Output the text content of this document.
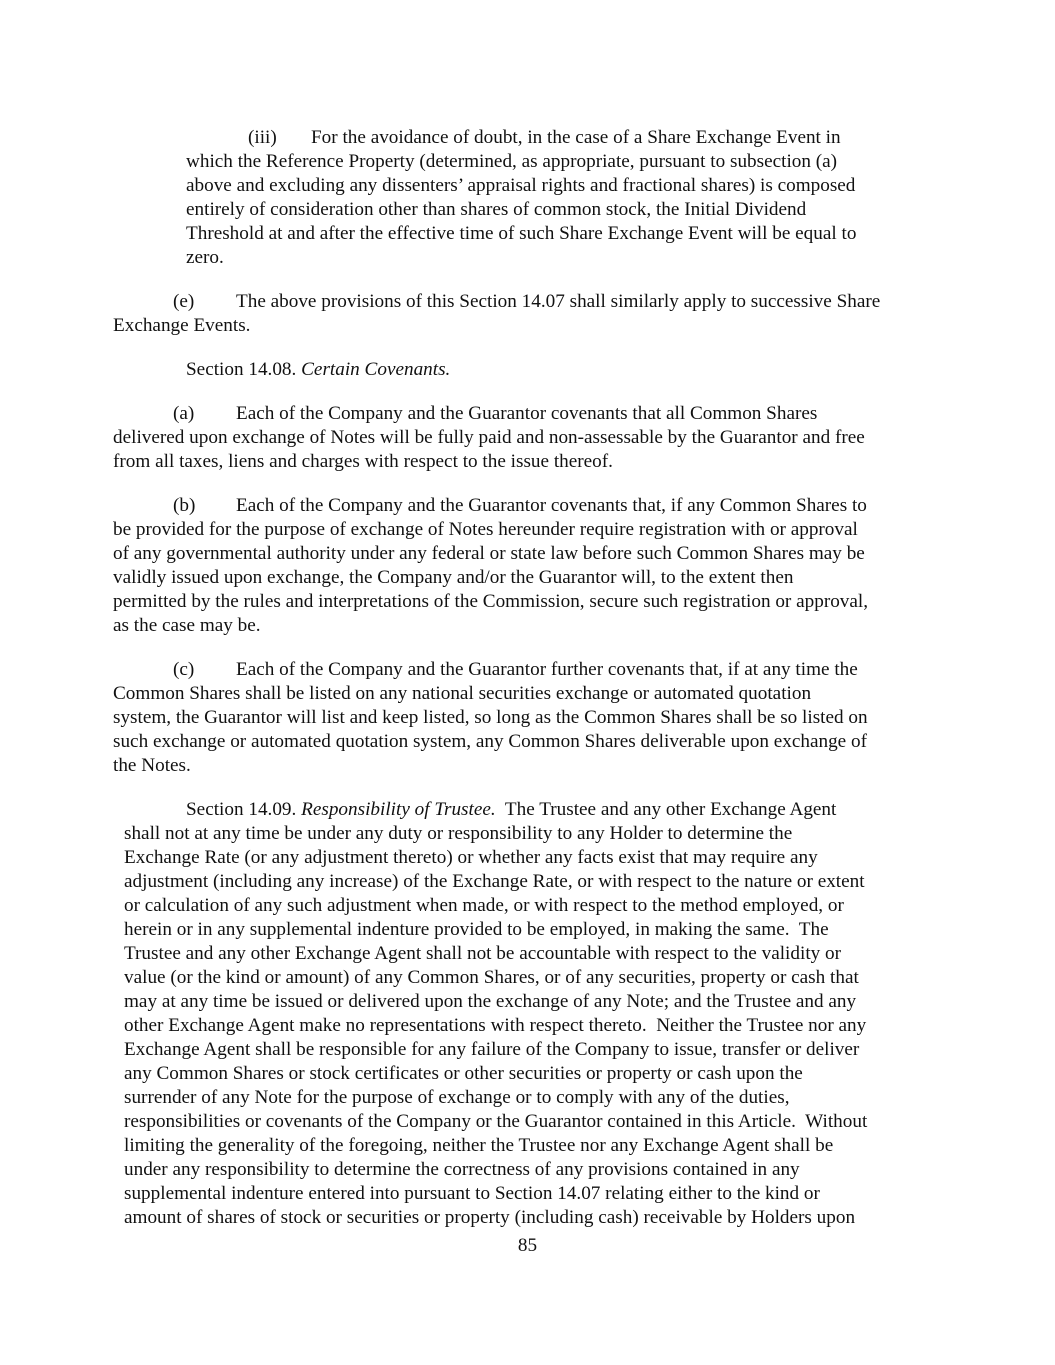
(iii) For the avoidance of doubt, in the case of a Share Exchange Event in
which the Reference Property (determined, as appropriate, pursuant to subsection (a)
above and excluding any dissenters’ appraisal rights and fractional shares) is composed
entirely of consideration other than shares of common stock, the Initial Dividend
Threshold at and after the effective time of such Share Exchange Event will be equal to
zero.
(e) The above provisions of this Section 14.07 shall similarly apply to successive Share
Exchange Events.
Section 14.08. Certain Covenants.
(a) Each of the Company and the Guarantor covenants that all Common Shares
delivered upon exchange of Notes will be fully paid and non-assessable by the Guarantor and free
from all taxes, liens and charges with respect to the issue thereof.
(b) Each of the Company and the Guarantor covenants that, if any Common Shares to
be provided for the purpose of exchange of Notes hereunder require registration with or approval
of any governmental authority under any federal or state law before such Common Shares may be
validly issued upon exchange, the Company and/or the Guarantor will, to the extent then
permitted by the rules and interpretations of the Commission, secure such registration or approval,
as the case may be.
(c) Each of the Company and the Guarantor further covenants that, if at any time the
Common Shares shall be listed on any national securities exchange or automated quotation
system, the Guarantor will list and keep listed, so long as the Common Shares shall be so listed on
such exchange or automated quotation system, any Common Shares deliverable upon exchange of
the Notes.
Section 14.09. Responsibility of Trustee.  The Trustee and any other Exchange Agent
shall not at any time be under any duty or responsibility to any Holder to determine the
Exchange Rate (or any adjustment thereto) or whether any facts exist that may require any
adjustment (including any increase) of the Exchange Rate, or with respect to the nature or extent
or calculation of any such adjustment when made, or with respect to the method employed, or
herein or in any supplemental indenture provided to be employed, in making the same.  The
Trustee and any other Exchange Agent shall not be accountable with respect to the validity or
value (or the kind or amount) of any Common Shares, or of any securities, property or cash that
may at any time be issued or delivered upon the exchange of any Note; and the Trustee and any
other Exchange Agent make no representations with respect thereto.  Neither the Trustee nor any
Exchange Agent shall be responsible for any failure of the Company to issue, transfer or deliver
any Common Shares or stock certificates or other securities or property or cash upon the
surrender of any Note for the purpose of exchange or to comply with any of the duties,
responsibilities or covenants of the Company or the Guarantor contained in this Article.  Without
limiting the generality of the foregoing, neither the Trustee nor any Exchange Agent shall be
under any responsibility to determine the correctness of any provisions contained in any
supplemental indenture entered into pursuant to Section 14.07 relating either to the kind or
amount of shares of stock or securities or property (including cash) receivable by Holders upon
85
